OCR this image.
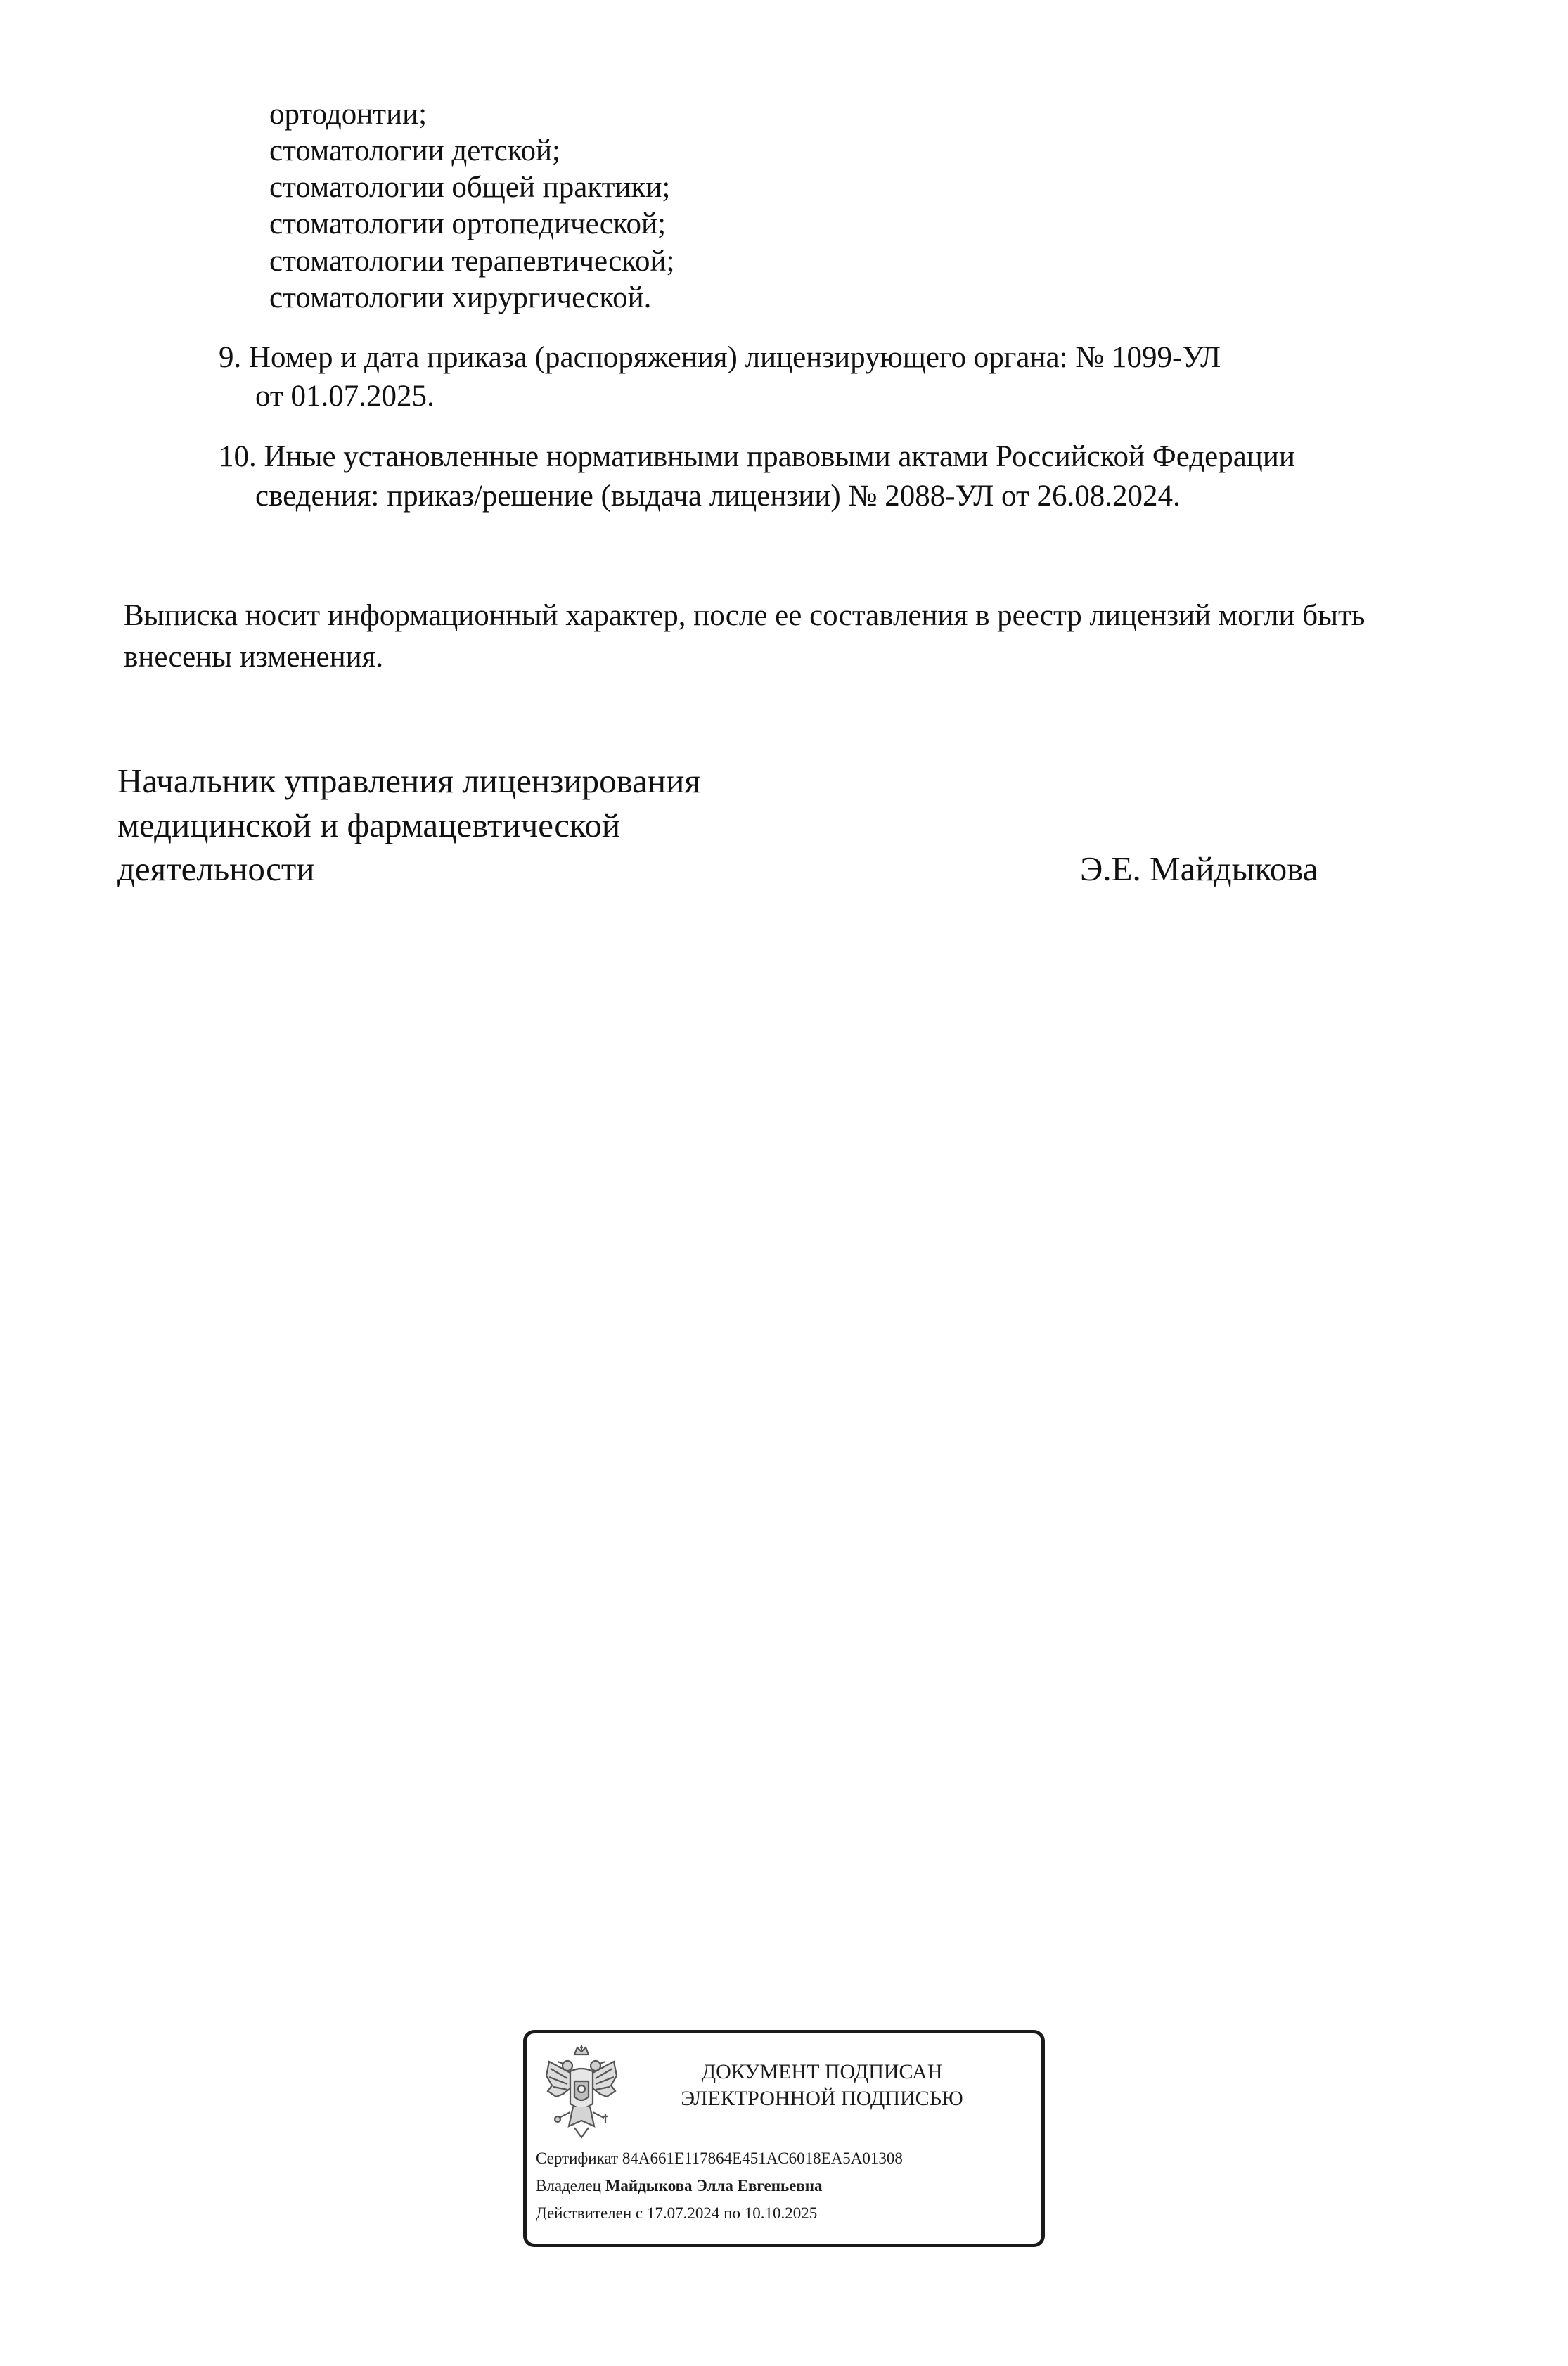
ортодонтии;
стоматологии детской;
стоматологии общей практики;
стоматологии ортопедической;
стоматологии терапевтической;
стоматологии хирургической.
9. Номер и дата приказа (распоряжения) лицензирующего органа: № 1099-УЛ
от 01.07.2025.
10. Иные установленные нормативными правовыми актами Российской Федерации
сведения: приказ/решение (выдача лицензии) № 2088-УЛ от 26.08.2024.
Выписка носит информационный характер, после ее составления в реестр лицензий могли быть
внесены изменения.
Начальник управления лицензирования
медицинской и фармацевтической
деятельности	Э.Е. Майдыкова
ДОКУМЕНТ ПОДПИСАН
ЭЛЕКТРОННОЙ ПОДПИСЬЮ
Сертификат 84A661E117864E451AC6018EA5A01308
Владелец Майдыкова Элла Евгеньевна
Действителен с 17.07.2024 по 10.10.2025
